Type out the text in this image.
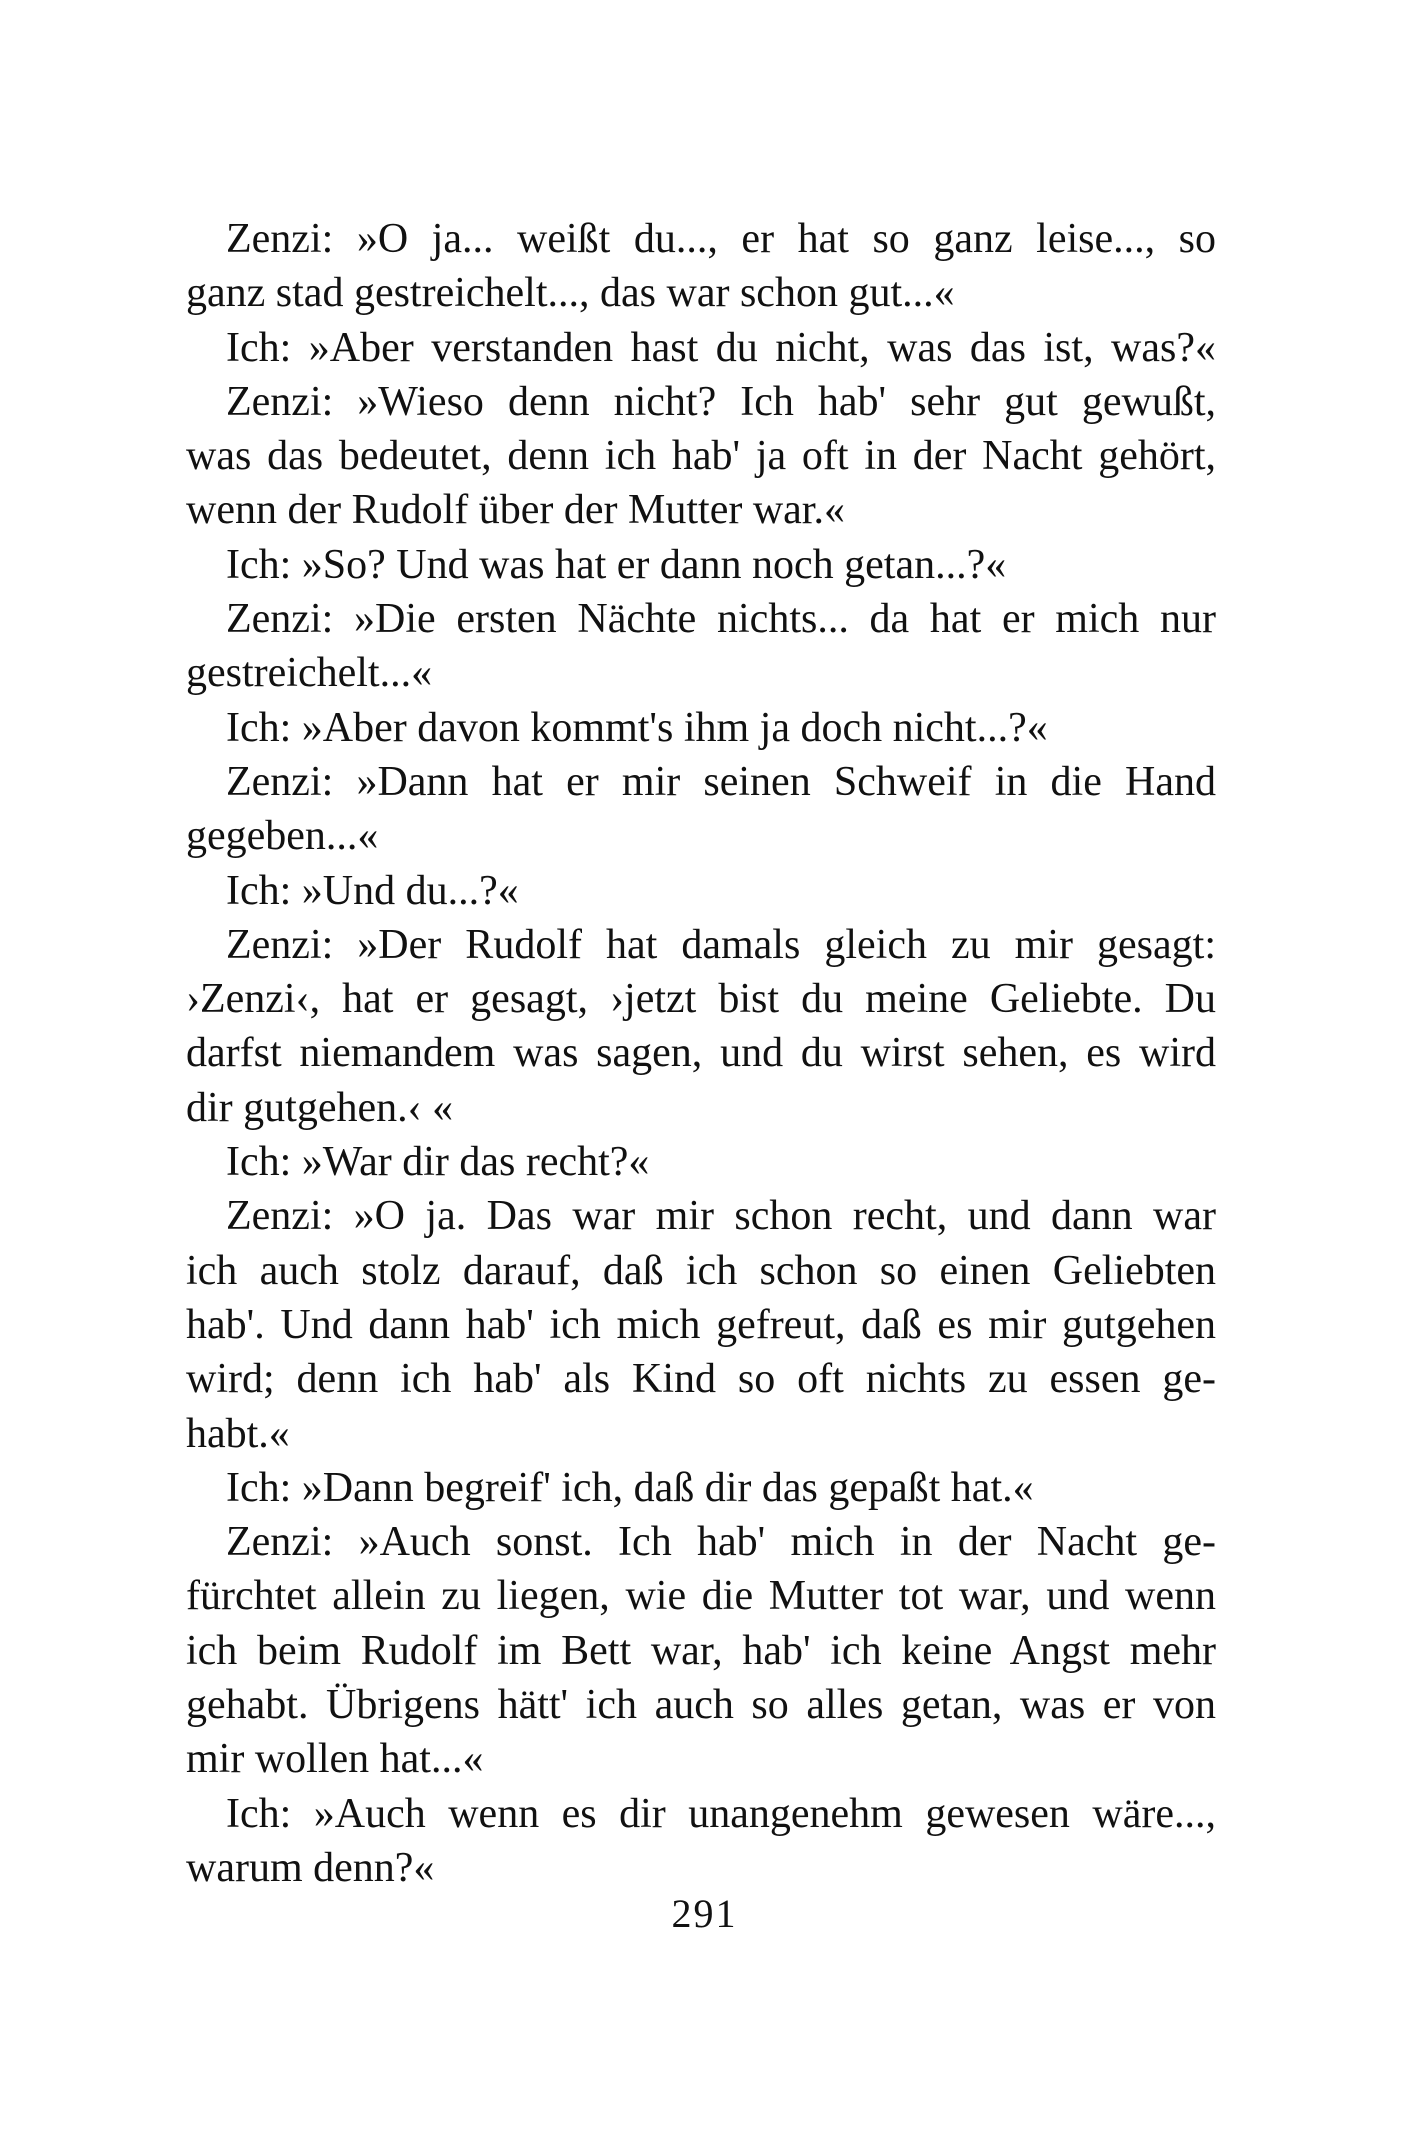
Zenzi: »O ja... weißt du..., er hat so ganz leise..., so
ganz stad gestreichelt..., das war schon gut...«
Ich: »Aber verstanden hast du nicht, was das ist, was?«
Zenzi: »Wieso denn nicht? Ich hab' sehr gut gewußt,
was das bedeutet, denn ich hab' ja oft in der Nacht gehört,
wenn der Rudolf über der Mutter war.«
Ich: »So? Und was hat er dann noch getan...?«
Zenzi: »Die ersten Nächte nichts... da hat er mich nur
gestreichelt...«
Ich: »Aber davon kommt's ihm ja doch nicht...?«
Zenzi: »Dann hat er mir seinen Schweif in die Hand
gegeben...«
Ich: »Und du...?«
Zenzi: »Der Rudolf hat damals gleich zu mir gesagt:
›Zenzi‹, hat er gesagt, ›jetzt bist du meine Geliebte. Du
darfst niemandem was sagen, und du wirst sehen, es wird
dir gutgehen.‹ «
Ich: »War dir das recht?«
Zenzi: »O ja. Das war mir schon recht, und dann war
ich auch stolz darauf, daß ich schon so einen Geliebten
hab'. Und dann hab' ich mich gefreut, daß es mir gutgehen
wird; denn ich hab' als Kind so oft nichts zu essen ge-
habt.«
Ich: »Dann begreif' ich, daß dir das gepaßt hat.«
Zenzi: »Auch sonst. Ich hab' mich in der Nacht ge-
fürchtet allein zu liegen, wie die Mutter tot war, und wenn
ich beim Rudolf im Bett war, hab' ich keine Angst mehr
gehabt. Übrigens hätt' ich auch so alles getan, was er von
mir wollen hat...«
Ich: »Auch wenn es dir unangenehm gewesen wäre...,
warum denn?«
291
